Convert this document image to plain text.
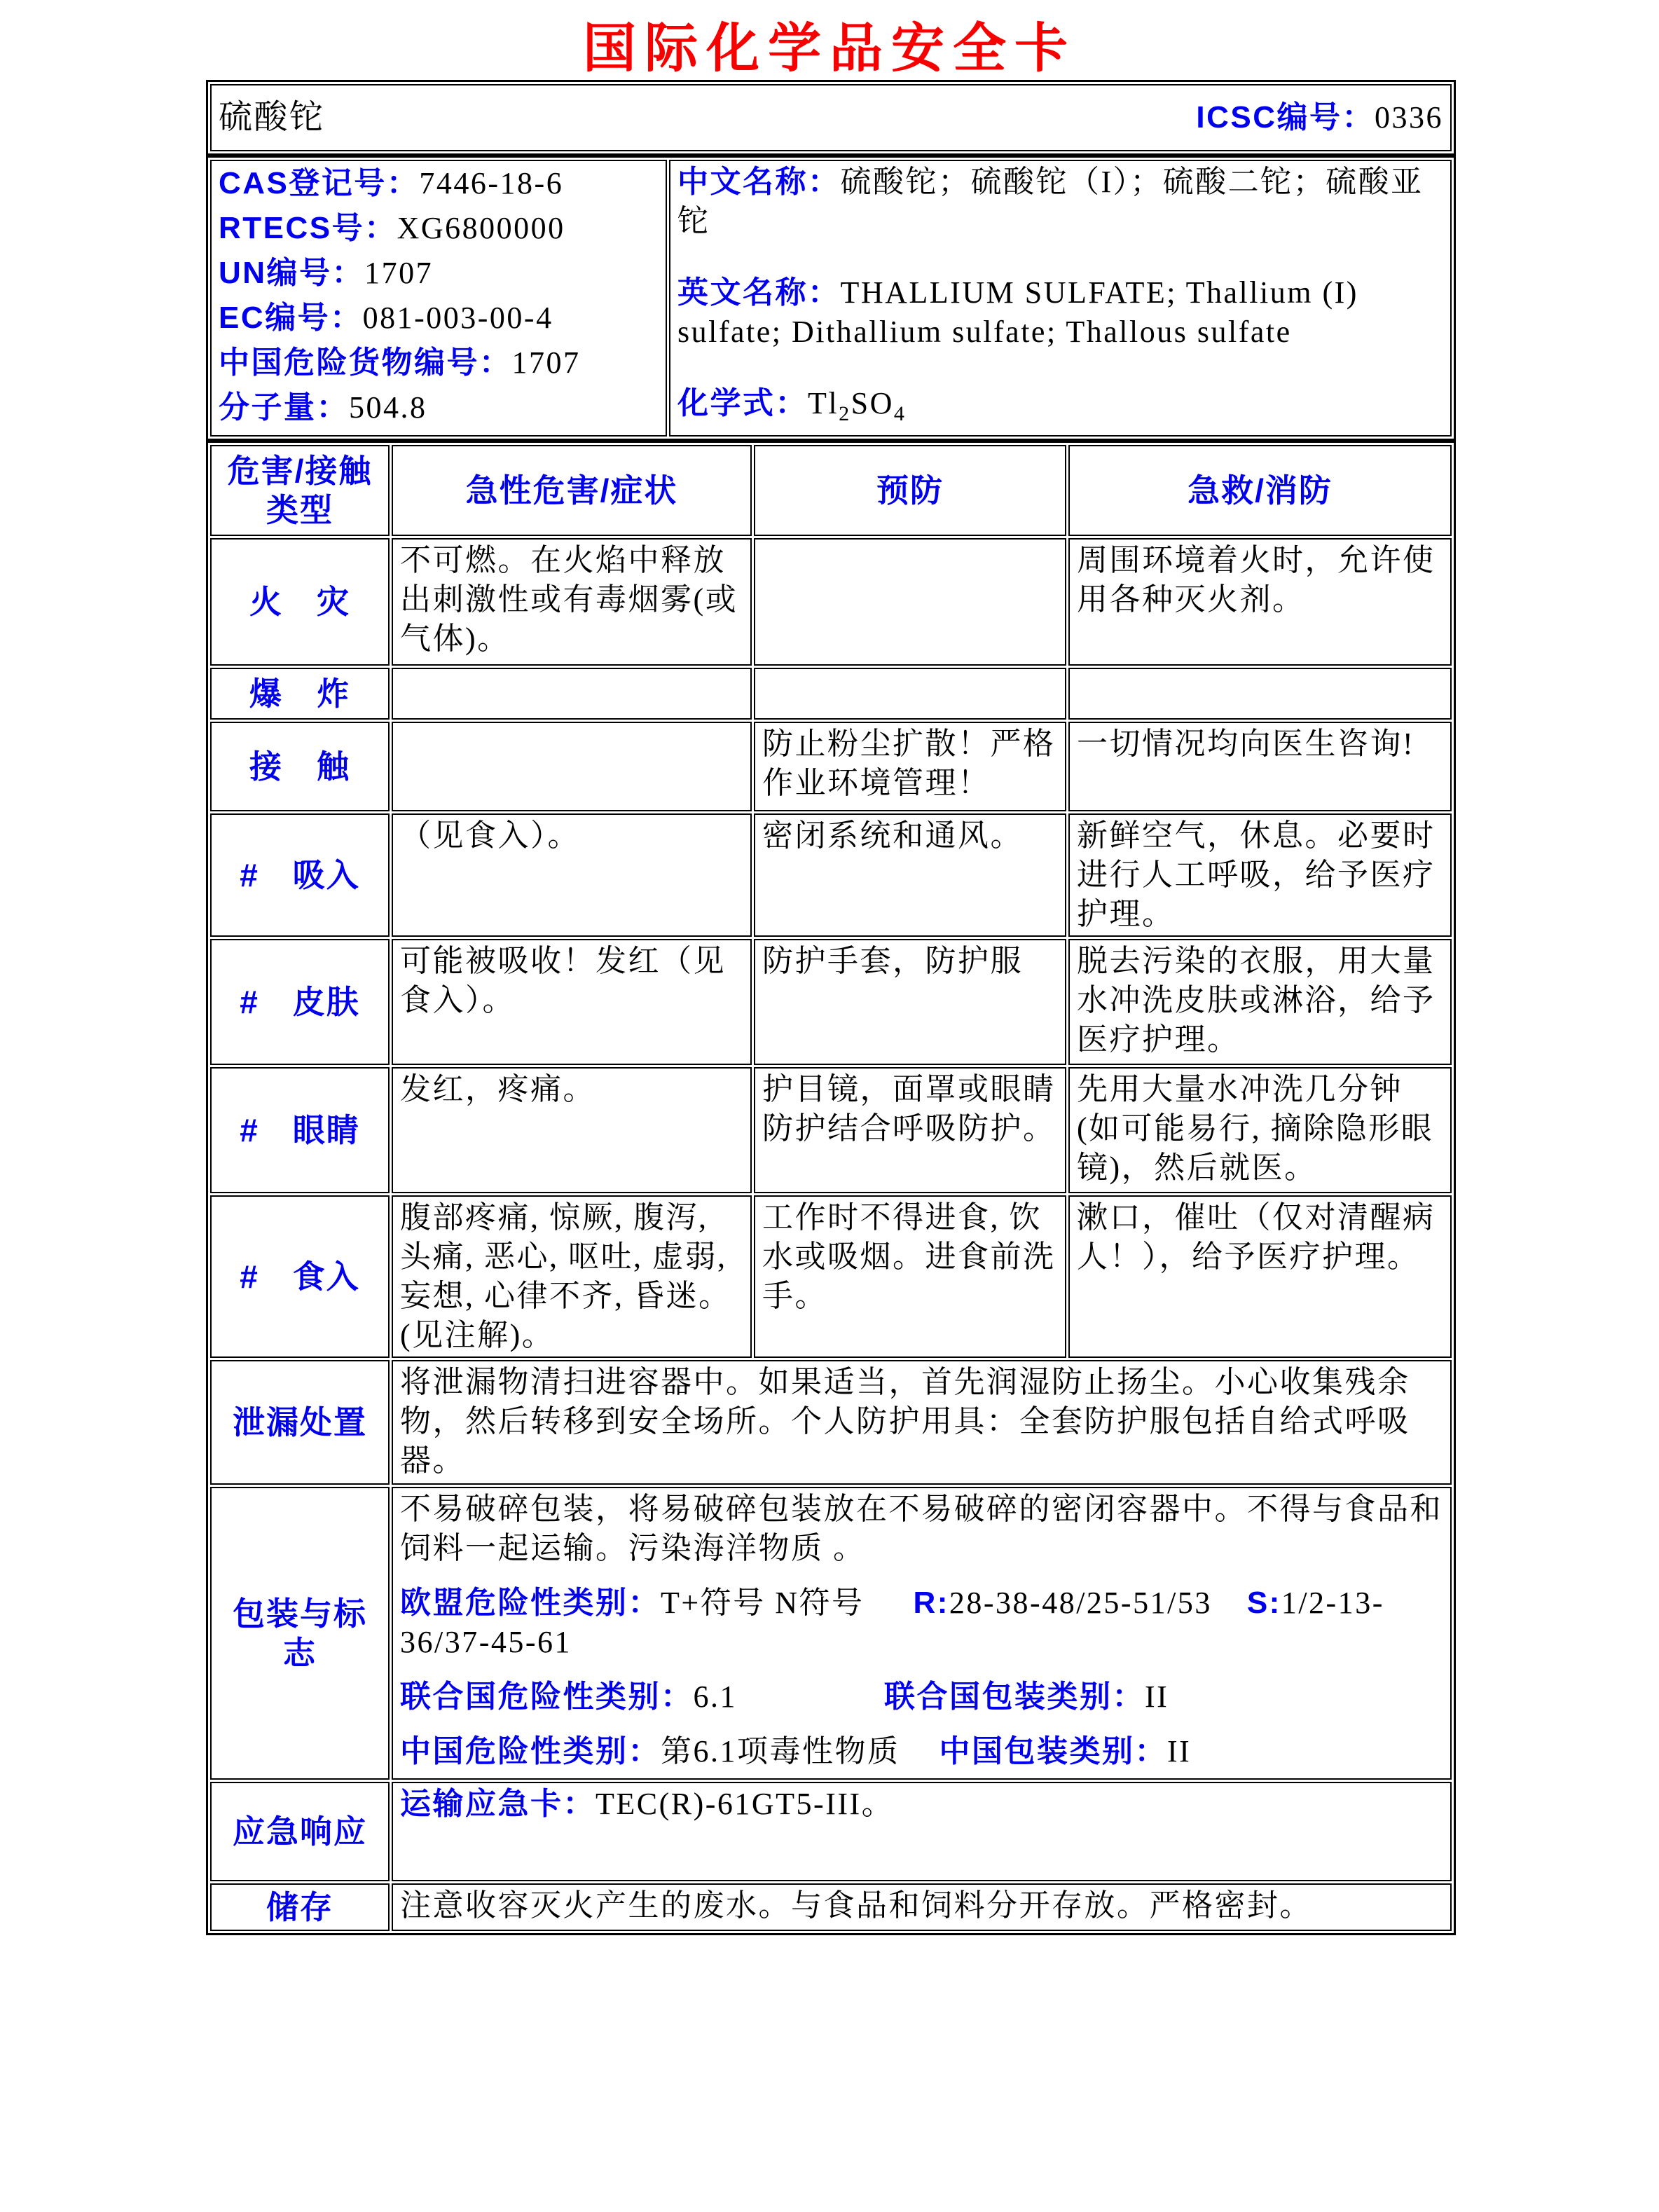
国际化学品安全卡
硫酸铊	ICSC编号：0336
CAS登记号：7446-18-6
RTECS号：XG6800000
UN编号：1707
EC编号：081-003-00-4
中国危险货物编号：1707
分子量：504.8

中文名称：硫酸铊；硫酸铊（I）；硫酸二铊；硫酸亚铊
英文名称：THALLIUM SULFATE; Thallium (I) sulfate; Dithallium sulfate; Thallous sulfate
化学式：$Tl_2SO_4$
危害/接触
类型	急性危害/症状	预防	急救/消防
火　灾	不可燃。在火焰中释放出刺激性或有毒烟雾(或气体)。		周围环境着火时，允许使用各种灭火剂。
爆　炸			
接　触		防止粉尘扩散！严格作业环境管理！	一切情况均向医生咨询!
#　吸入	（见食入）。	密闭系统和通风。	新鲜空气，休息。必要时进行人工呼吸，给予医疗护理。
#　皮肤	可能被吸收！发红（见食入）。	防护手套，防护服	脱去污染的衣服，用大量水冲洗皮肤或淋浴，给予医疗护理。
#　眼睛	发红，疼痛。	护目镜，面罩或眼睛防护结合呼吸防护。	先用大量水冲洗几分钟(如可能易行, 摘除隐形眼镜)，然后就医。
#　食入	腹部疼痛, 惊厥, 腹泻, 头痛, 恶心, 呕吐, 虚弱, 妄想, 心律不齐, 昏迷。(见注解)。	工作时不得进食, 饮水或吸烟。进食前洗手。	漱口，催吐（仅对清醒病人！），给予医疗护理。
泄漏处置	将泄漏物清扫进容器中。如果适当，首先润湿防止扬尘。小心收集残余物，然后转移到安全场所。个人防护用具：全套防护服包括自给式呼吸器。		
包装与标志	不易破碎包装，将易破碎包装放在不易破碎的密闭容器中。不得与食品和饲料一起运输。污染海洋物质 。
欧盟危险性类别：T+符号 N符号 R:28-38-48/25-51/53 S:1/2-13-36/37-45-61
联合国危险性类别：6.1 联合国包装类别：II
中国危险性类别：第6.1项毒性物质 中国包装类别：II		

应急响应	运输应急卡：TEC(R)-61GT5-III。		
储存	注意收容灭火产生的废水。与食品和饲料分开存放。严格密封。		
